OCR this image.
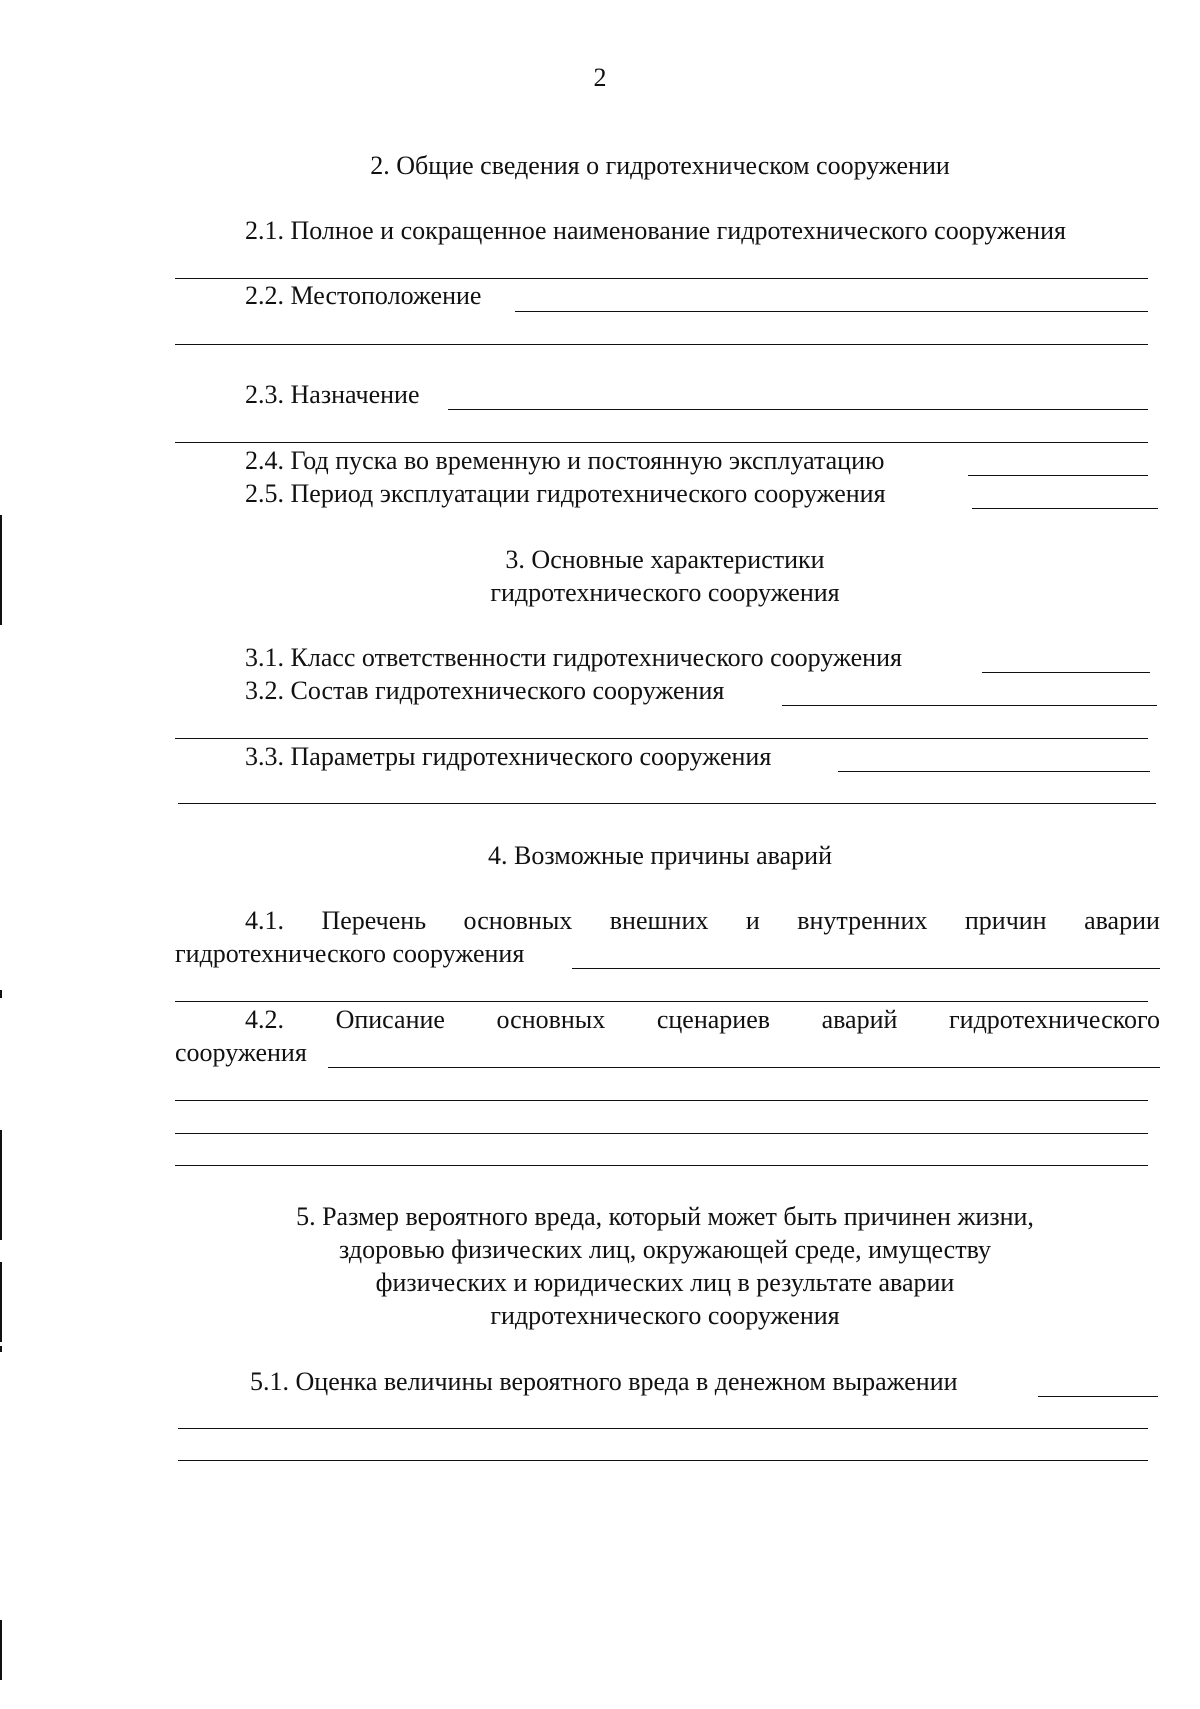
2
2. Общие сведения о гидротехническом сооружении
2.1. Полное и сокращенное наименование гидротехнического сооружения
2.2. Местоположение
2.3. Назначение
2.4. Год пуска во временную и постоянную эксплуатацию
2.5. Период эксплуатации гидротехнического сооружения
3. Основные характеристики
гидротехнического сооружения
3.1. Класс ответственности гидротехнического сооружения
3.2. Состав гидротехнического сооружения
3.3. Параметры гидротехнического сооружения
4. Возможные причины аварий
4.1. Перечень основных внешних и внутренних причин аварии
гидротехнического сооружения
4.2. Описание основных сценариев аварий гидротехнического
сооружения
5. Размер вероятного вреда, который может быть причинен жизни,
здоровью физических лиц, окружающей среде, имуществу
физических и юридических лиц в результате аварии
гидротехнического сооружения
5.1. Оценка величины вероятного вреда в денежном выражении
